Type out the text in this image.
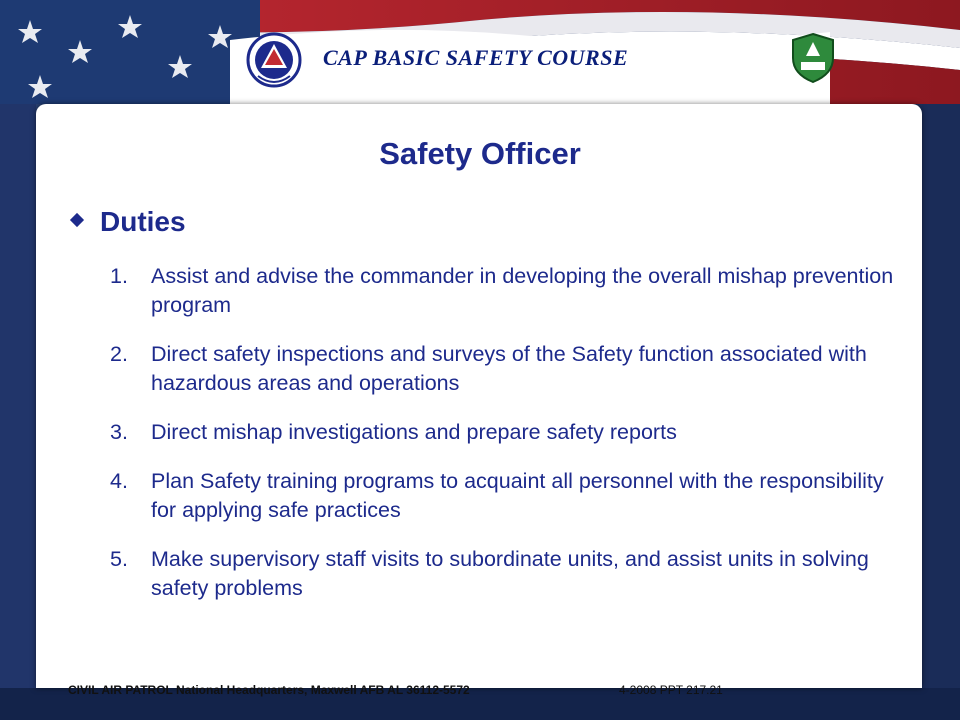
CAP BASIC SAFETY COURSE
Safety Officer
Duties
1. Assist and advise the commander in developing the overall mishap prevention program
2. Direct safety inspections and surveys of the Safety function associated with hazardous areas and operations
3. Direct mishap investigations and prepare safety reports
4. Plan Safety training programs to acquaint all personnel with the responsibility for applying safe practices
5. Make supervisory staff visits to subordinate units, and assist units in solving safety problems
CIVIL AIR PATROL National Headquarters, Maxwell AFB AL 36112-5572	4-2008 PPT 217.21
